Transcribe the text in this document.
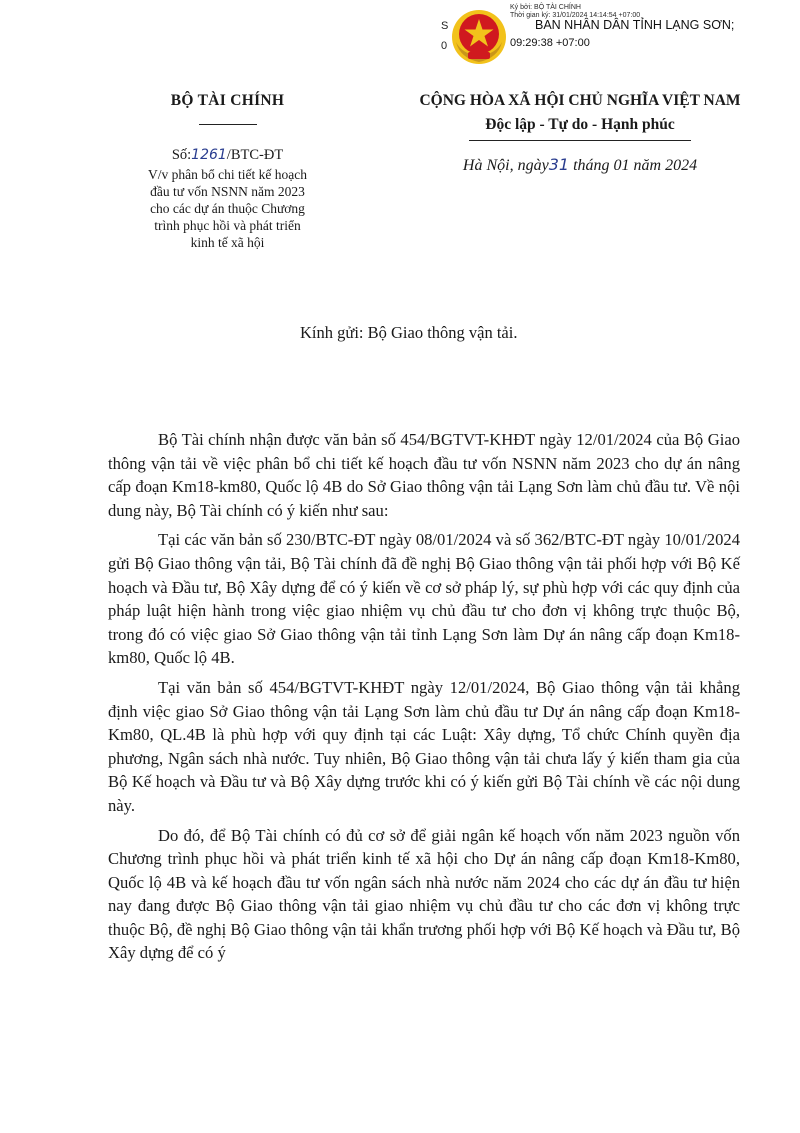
S
0
Ký bởi: BỘ TÀI CHÍNH
BAN NHÂN DÂN TỈNH LẠNG SƠN;
Thời gian ký: 31/01/2024 14:14:54 +07:00
09:29:38 +07:00
BỘ TÀI CHÍNH
Số:1261/BTC-ĐT
V/v phân bổ chi tiết kế hoạch
đầu tư vốn NSNN năm 2023
cho các dự án thuộc Chương
trình phục hồi và phát triển
kinh tế xã hội
CỘNG HÒA XÃ HỘI CHỦ NGHĨA VIỆT NAM
Độc lập - Tự do - Hạnh phúc
Hà Nội, ngày31 tháng 01 năm 2024
Kính gửi: Bộ Giao thông vận tải.

Bộ Tài chính nhận được văn bản số 454/BGTVT-KHĐT ngày 12/01/2024 của Bộ Giao thông vận tải về việc phân bổ chi tiết kế hoạch đầu tư vốn NSNN năm 2023 cho dự án nâng cấp đoạn Km18-km80, Quốc lộ 4B do Sở Giao thông vận tải Lạng Sơn làm chủ đầu tư. Về nội dung này, Bộ Tài chính có ý kiến như sau:

Tại các văn bản số 230/BTC-ĐT ngày 08/01/2024 và số 362/BTC-ĐT ngày 10/01/2024 gửi Bộ Giao thông vận tải, Bộ Tài chính đã đề nghị Bộ Giao thông vận tải phối hợp với Bộ Kế hoạch và Đầu tư, Bộ Xây dựng để có ý kiến về cơ sở pháp lý, sự phù hợp với các quy định của pháp luật hiện hành trong việc giao nhiệm vụ chủ đầu tư cho đơn vị không trực thuộc Bộ, trong đó có việc giao Sở Giao thông vận tải tỉnh Lạng Sơn làm Dự án nâng cấp đoạn Km18-km80, Quốc lộ 4B.

Tại văn bản số 454/BGTVT-KHĐT ngày 12/01/2024, Bộ Giao thông vận tải khẳng định việc giao Sở Giao thông vận tải Lạng Sơn làm chủ đầu tư Dự án nâng cấp đoạn Km18-Km80, QL.4B là phù hợp với quy định tại các Luật: Xây dựng, Tổ chức Chính quyền địa phương, Ngân sách nhà nước. Tuy nhiên, Bộ Giao thông vận tải chưa lấy ý kiến tham gia của Bộ Kế hoạch và Đầu tư và Bộ Xây dựng trước khi có ý kiến gửi Bộ Tài chính về các nội dung này.

Do đó, để Bộ Tài chính có đủ cơ sở để giải ngân kế hoạch vốn năm 2023 nguồn vốn Chương trình phục hồi và phát triển kinh tế xã hội cho Dự án nâng cấp đoạn Km18-Km80, Quốc lộ 4B và kế hoạch đầu tư vốn ngân sách nhà nước năm 2024 cho các dự án đầu tư hiện nay đang được Bộ Giao thông vận tải giao nhiệm vụ chủ đầu tư cho các đơn vị không trực thuộc Bộ, đề nghị Bộ Giao thông vận tải khẩn trương phối hợp với Bộ Kế hoạch và Đầu tư, Bộ Xây dựng để có ý
